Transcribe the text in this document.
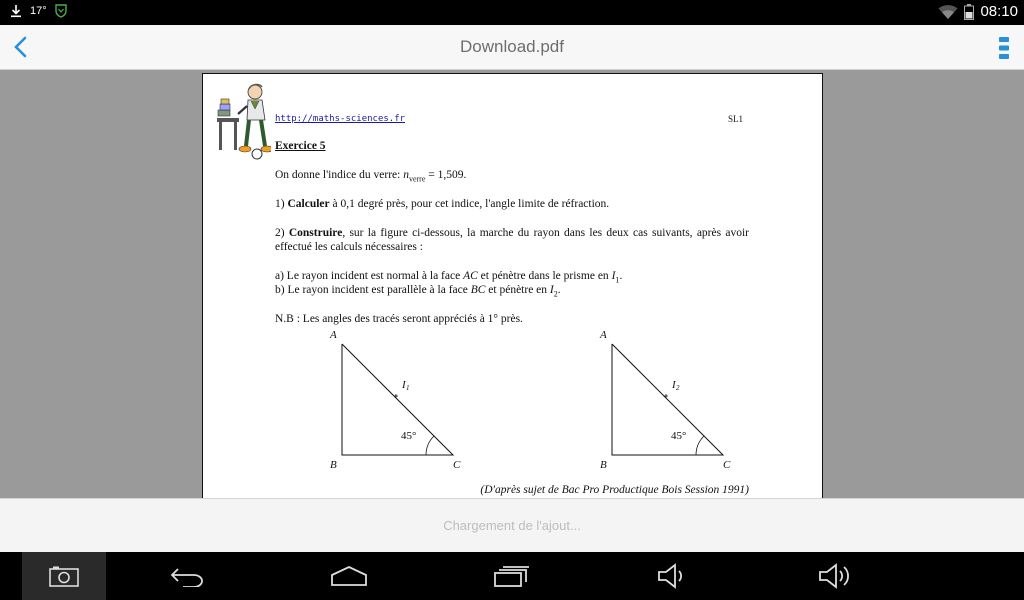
17°	08:10
Download.pdf
http://maths-sciences.fr	SL1
Exercice 5
On donne l'indice du verre: $n_{verre} = 1,509$.
1) Calculer à 0,1 degré près, pour cet indice, l'angle limite de réfraction.
2) Construire, sur la figure ci-dessous, la marche du rayon dans les deux cas suivants, après avoir effectué les calculs nécessaires :
a) Le rayon incident est normal à la face AC et pénètre dans le prisme en $I_1$.
b) Le rayon incident est parallèle à la face BC et pénètre en $I_2$.
N.B : Les angles des tracés seront appréciés à 1° près.
A
45°
B	C
I 1
A
45°
B	C
I 2
(D'après sujet de Bac Pro Productique Bois Session 1991)
Chargement de l'ajout...
